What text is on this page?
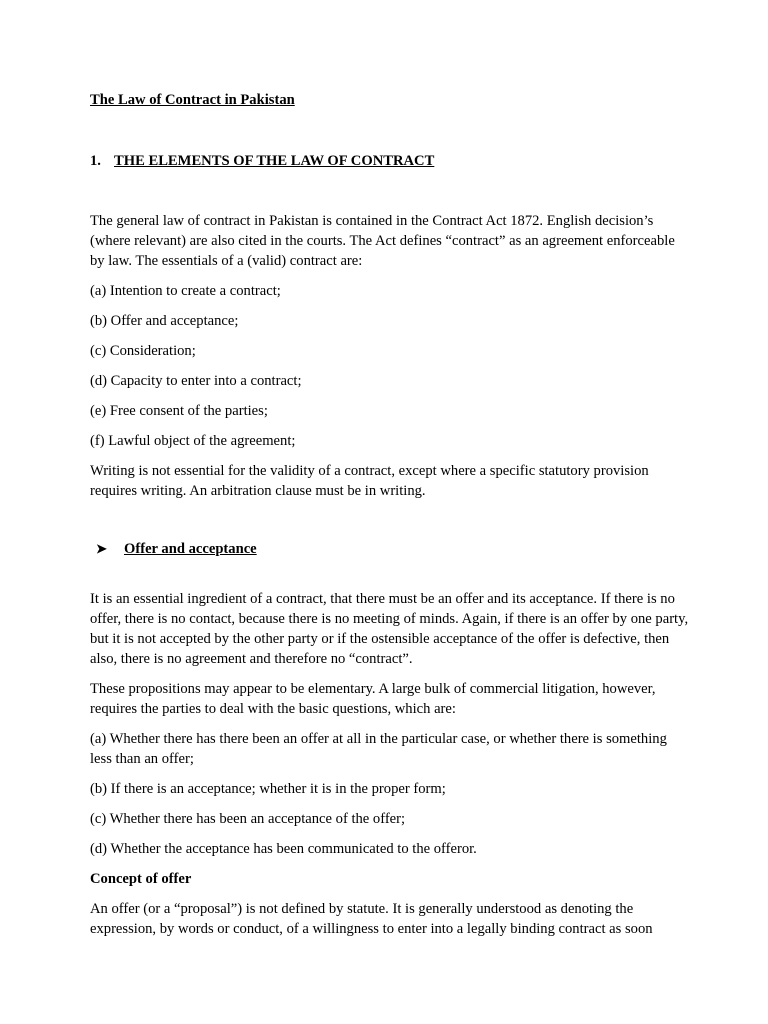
The Law of Contract in Pakistan

1. THE ELEMENTS OF THE LAW OF CONTRACT

The general law of contract in Pakistan is contained in the Contract Act 1872. English decision’s (where relevant) are also cited in the courts. The Act defines “contract” as an agreement enforceable by law. The essentials of a (valid) contract are:

(a) Intention to create a contract;

(b) Offer and acceptance;

(c) Consideration;

(d) Capacity to enter into a contract;

(e) Free consent of the parties;

(f) Lawful object of the agreement;

Writing is not essential for the validity of a contract, except where a specific statutory provision requires writing. An arbitration clause must be in writing.

➤ Offer and acceptance

It is an essential ingredient of a contract, that there must be an offer and its acceptance. If there is no offer, there is no contact, because there is no meeting of minds. Again, if there is an offer by one party, but it is not accepted by the other party or if the ostensible acceptance of the offer is defective, then also, there is no agreement and therefore no “contract”.

These propositions may appear to be elementary. A large bulk of commercial litigation, however, requires the parties to deal with the basic questions, which are:

(a) Whether there has there been an offer at all in the particular case, or whether there is something less than an offer;

(b) If there is an acceptance; whether it is in the proper form;

(c) Whether there has been an acceptance of the offer;

(d) Whether the acceptance has been communicated to the offeror.

Concept of offer

An offer (or a “proposal”) is not defined by statute. It is generally understood as denoting the expression, by words or conduct, of a willingness to enter into a legally binding contract as soon
